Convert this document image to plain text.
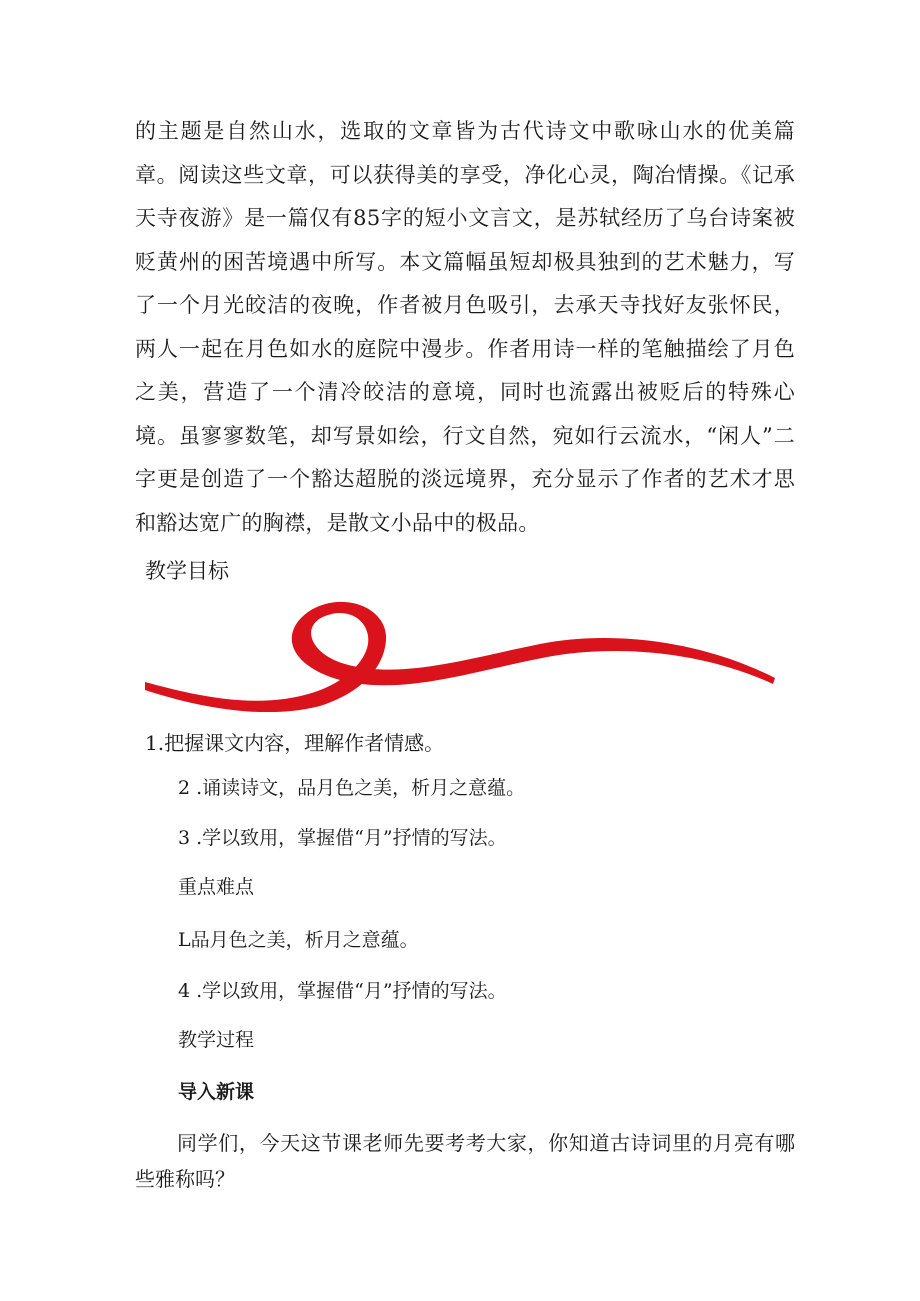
的主题是自然山水，选取的文章皆为古代诗文中歌咏山水的优美篇章。阅读这些文章，可以获得美的享受，净化心灵，陶冶情操。《记承天寺夜游》是一篇仅有85字的短小文言文，是苏轼经历了乌台诗案被贬黄州的困苦境遇中所写。本文篇幅虽短却极具独到的艺术魅力，写了一个月光皎洁的夜晚，作者被月色吸引，去承天寺找好友张怀民，两人一起在月色如水的庭院中漫步。作者用诗一样的笔触描绘了月色之美，营造了一个清冷皎洁的意境，同时也流露出被贬后的特殊心境。虽寥寥数笔，却写景如绘，行文自然，宛如行云流水，“闲人”二字更是创造了一个豁达超脱的淡远境界，充分显示了作者的艺术才思和豁达宽广的胸襟，是散文小品中的极品。

教学目标

1.把握课文内容，理解作者情感。

2 .诵读诗文，品月色之美，析月之意蕴。

3 .学以致用，掌握借“月”抒情的写法。

重点难点

L品月色之美，析月之意蕴。

4 .学以致用，掌握借“月”抒情的写法。

教学过程

导入新课

同学们，今天这节课老师先要考考大家，你知道古诗词里的月亮有哪些雅称吗？
